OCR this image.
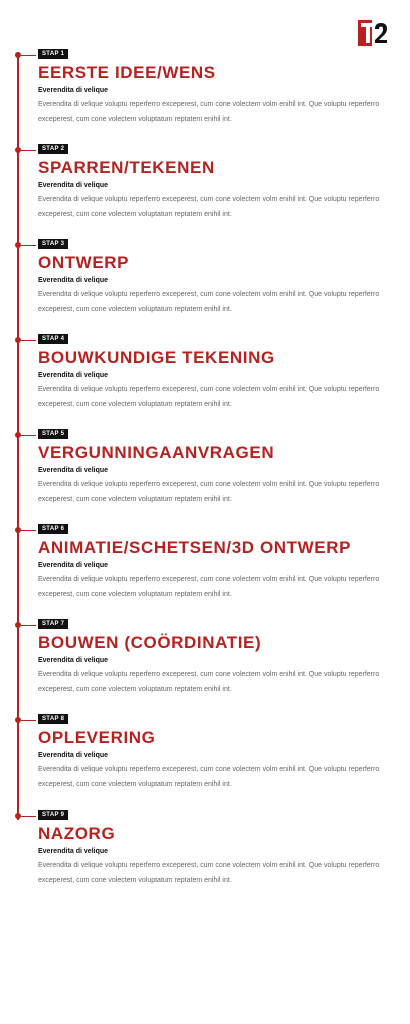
STAP 1
EERSTE IDEE/WENS
Everendita di velique

Everendita di velique voluptu reperferro exceperest, cum cone volectem volm enihil int. Que voluptu reperferro exceperest, cum cone volectem voluptatum reptatem enihil int.

STAP 2
SPARREN/TEKENEN
Everendita di velique

Everendita di velique voluptu reperferro exceperest, cum cone volectem volm enihil int. Que voluptu reperferro exceperest, cum cone volectem voluptatum reptatem enihil int.

STAP 3
ONTWERP
Everendita di velique

Everendita di velique voluptu reperferro exceperest, cum cone volectem volm enihil int. Que voluptu reperferro exceperest, cum cone volectem voluptatum reptatem enihil int.

STAP 4
BOUWKUNDIGE TEKENING
Everendita di velique

Everendita di velique voluptu reperferro exceperest, cum cone volectem volm enihil int. Que voluptu reperferro exceperest, cum cone volectem voluptatum reptatem enihil int.

STAP 5
VERGUNNINGAANVRAGEN
Everendita di velique

Everendita di velique voluptu reperferro exceperest, cum cone volectem volm enihil int. Que voluptu reperferro exceperest, cum cone volectem voluptatum reptatem enihil int.

STAP 6
ANIMATIE/SCHETSEN/3D ONTWERP
Everendita di velique

Everendita di velique voluptu reperferro exceperest, cum cone volectem volm enihil int. Que voluptu reperferro exceperest, cum cone volectem voluptatum reptatem enihil int.

STAP 7
BOUWEN (COÖRDINATIE)
Everendita di velique

Everendita di velique voluptu reperferro exceperest, cum cone volectem volm enihil int. Que voluptu reperferro exceperest, cum cone volectem voluptatum reptatem enihil int.

STAP 8
OPLEVERING
Everendita di velique

Everendita di velique voluptu reperferro exceperest, cum cone volectem volm enihil int. Que voluptu reperferro exceperest, cum cone volectem voluptatum reptatem enihil int.

STAP 9
NAZORG
Everendita di velique

Everendita di velique voluptu reperferro exceperest, cum cone volectem volm enihil int. Que voluptu reperferro exceperest, cum cone volectem voluptatum reptatem enihil int.
